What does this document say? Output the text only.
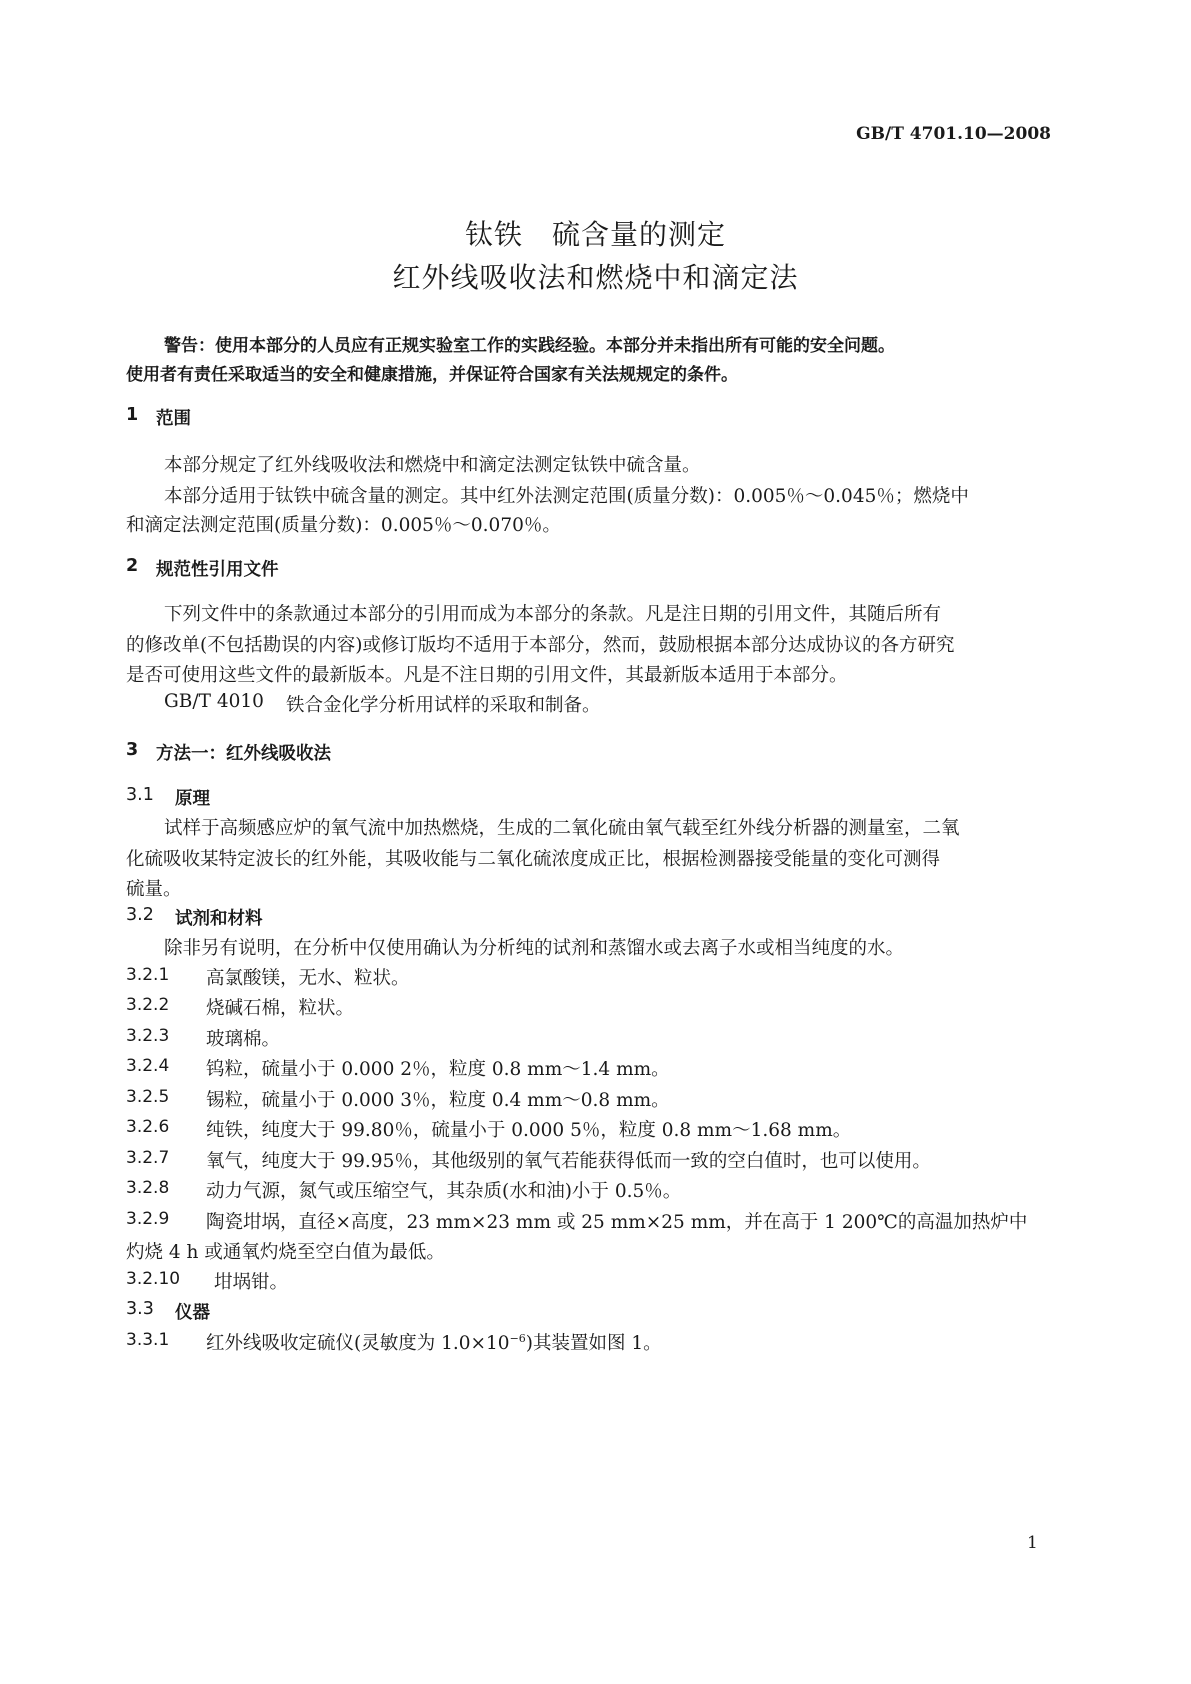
GB/T 4701.10—2008
钛铁　硫含量的测定
红外线吸收法和燃烧中和滴定法
警告：使用本部分的人员应有正规实验室工作的实践经验。本部分并未指出所有可能的安全问题。
使用者有责任采取适当的安全和健康措施，并保证符合国家有关法规规定的条件。
1 范围
本部分规定了红外线吸收法和燃烧中和滴定法测定钛铁中硫含量。
本部分适用于钛铁中硫含量的测定。其中红外法测定范围(质量分数)：0.005％～0.045％；燃烧中
和滴定法测定范围(质量分数)：0.005％～0.070％。
2 规范性引用文件
下列文件中的条款通过本部分的引用而成为本部分的条款。凡是注日期的引用文件，其随后所有
的修改单(不包括勘误的内容)或修订版均不适用于本部分，然而，鼓励根据本部分达成协议的各方研究
是否可使用这些文件的最新版本。凡是不注日期的引用文件，其最新版本适用于本部分。
GB/T 4010 铁合金化学分析用试样的采取和制备。
3 方法一：红外线吸收法
3.1 原理
试样于高频感应炉的氧气流中加热燃烧，生成的二氧化硫由氧气载至红外线分析器的测量室，二氧
化硫吸收某特定波长的红外能，其吸收能与二氧化硫浓度成正比，根据检测器接受能量的变化可测得
硫量。
3.2 试剂和材料
除非另有说明，在分析中仅使用确认为分析纯的试剂和蒸馏水或去离子水或相当纯度的水。
3.2.1 高氯酸镁，无水、粒状。
3.2.2 烧碱石棉，粒状。
3.2.3 玻璃棉。
3.2.4 钨粒，硫量小于 0.000 2％，粒度 0.8 mm～1.4 mm。
3.2.5 锡粒，硫量小于 0.000 3％，粒度 0.4 mm～0.8 mm。
3.2.6 纯铁，纯度大于 99.80％，硫量小于 0.000 5％，粒度 0.8 mm～1.68 mm。
3.2.7 氧气，纯度大于 99.95％，其他级别的氧气若能获得低而一致的空白值时，也可以使用。
3.2.8 动力气源，氮气或压缩空气，其杂质(水和油)小于 0.5％。
3.2.9 陶瓷坩埚，直径×高度，23 mm×23 mm 或 25 mm×25 mm，并在高于 1 200℃的高温加热炉中
灼烧 4 h 或通氧灼烧至空白值为最低。
3.2.10 坩埚钳。
3.3 仪器
3.3.1 红外线吸收定硫仪(灵敏度为 $1.0\times 10^{-6}$)其装置如图 1。
1
